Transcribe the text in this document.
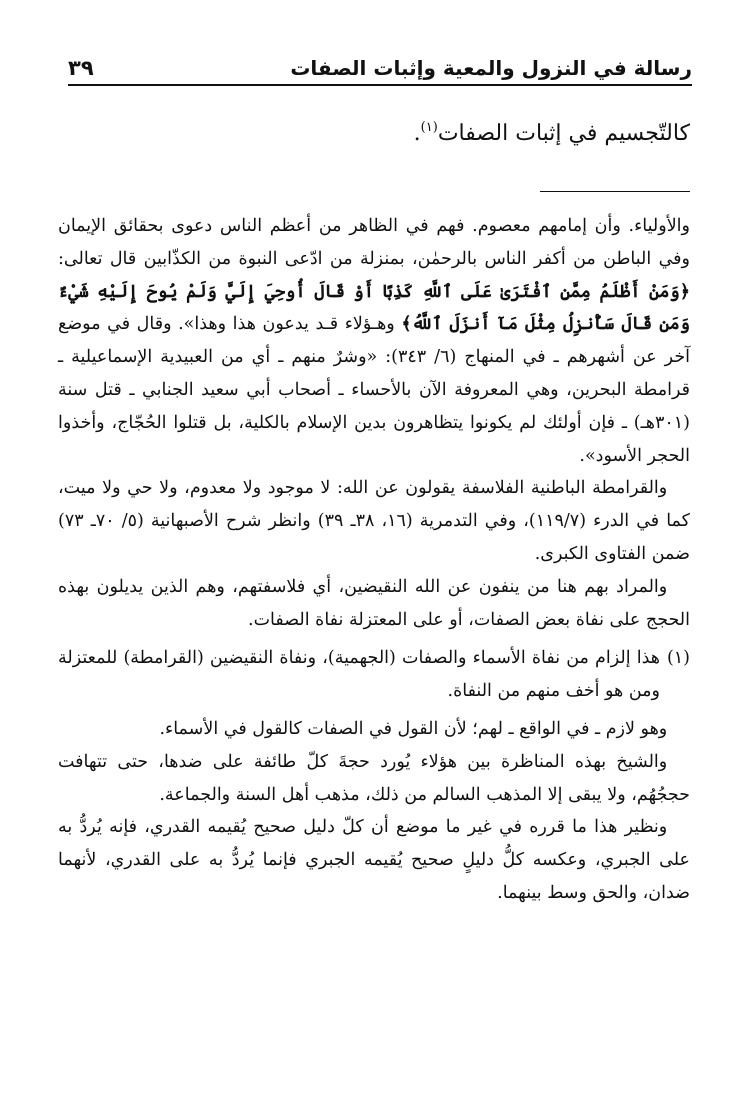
رسالة في النزول والمعية وإثبات الصفات
٣٩
كالتّجسيم في إثبات الصفات$^{(١)}$.

والأولياء. وأن إمامهم معصوم. فهم في الظاهر من أعظم الناس دعوى بحقائق الإيمان وفي الباطن من أكفر الناس بالرحمٰن، بمنزلة من ادّعى النبوة من الكذّابين قال تعالى: ﴿وَمَنْ أَظْلَمُ مِمَّنِ ٱفْتَرَىٰ عَلَى ٱللَّهِ كَذِبًا أَوْ قَالَ أُوحِيَ إِلَيَّ وَلَمْ يُوحَ إِلَيْهِ شَيْءٌ وَمَن قَالَ سَأُنزِلُ مِثْلَ مَآ أَنزَلَ ٱللَّهُ﴾ وهـؤلاء قـد يدعون هذا وهذا». وقال في موضع آخر عن أشهرهم ـ في المنهاج (٦/ ٣٤٣): «وشرٌ منهم ـ أي من العبيدية الإسماعيلية ـ قرامطة البحرين، وهي المعروفة الآن بالأحساء ـ أصحاب أبي سعيد الجنابي ـ قتل سنة (٣٠١هـ) ـ فإن أولئك لم يكونوا يتظاهرون بدين الإسلام بالكلية، بل قتلوا الحُجّاج، وأخذوا الحجر الأسود».

والقرامطة الباطنية الفلاسفة يقولون عن الله: لا موجود ولا معدوم، ولا حي ولا ميت، كما في الدرء (١١٩/٧)، وفي التدمرية (١٦، ٣٨ـ ٣٩) وانظر شرح الأصبهانية (٥/ ٧٠ـ ٧٣) ضمن الفتاوى الكبرى.

والمراد بهم هنا من ينفون عن الله النقيضين، أي فلاسفتهم، وهم الذين يديلون بهذه الحجج على نفاة بعض الصفات، أو على المعتزلة نفاة الصفات.

(١)
هذا إلزام من نفاة الأسماء والصفات (الجهمية)، ونفاة النقيضين (القرامطة) للمعتزلة ومن هو أخف منهم من النفاة.

وهو لازم ـ في الواقع ـ لهم؛ لأن القول في الصفات كالقول في الأسماء.

والشيخ بهذه المناظرة بين هؤلاء يُورد حجةَ كلّ طائفة على ضدها، حتى تتهافت حججُهُم، ولا يبقى إلا المذهب السالم من ذلك، مذهب أهل السنة والجماعة.

ونظير هذا ما قرره في غير ما موضع أن كلّ دليل صحيح يُقيمه القدري، فإنه يُردُّ به على الجبري، وعكسه كلُّ دليلٍ صحيح يُقيمه الجبري فإنما يُردُّ به على القدري، لأنهما ضدان، والحق وسط بينهما.
